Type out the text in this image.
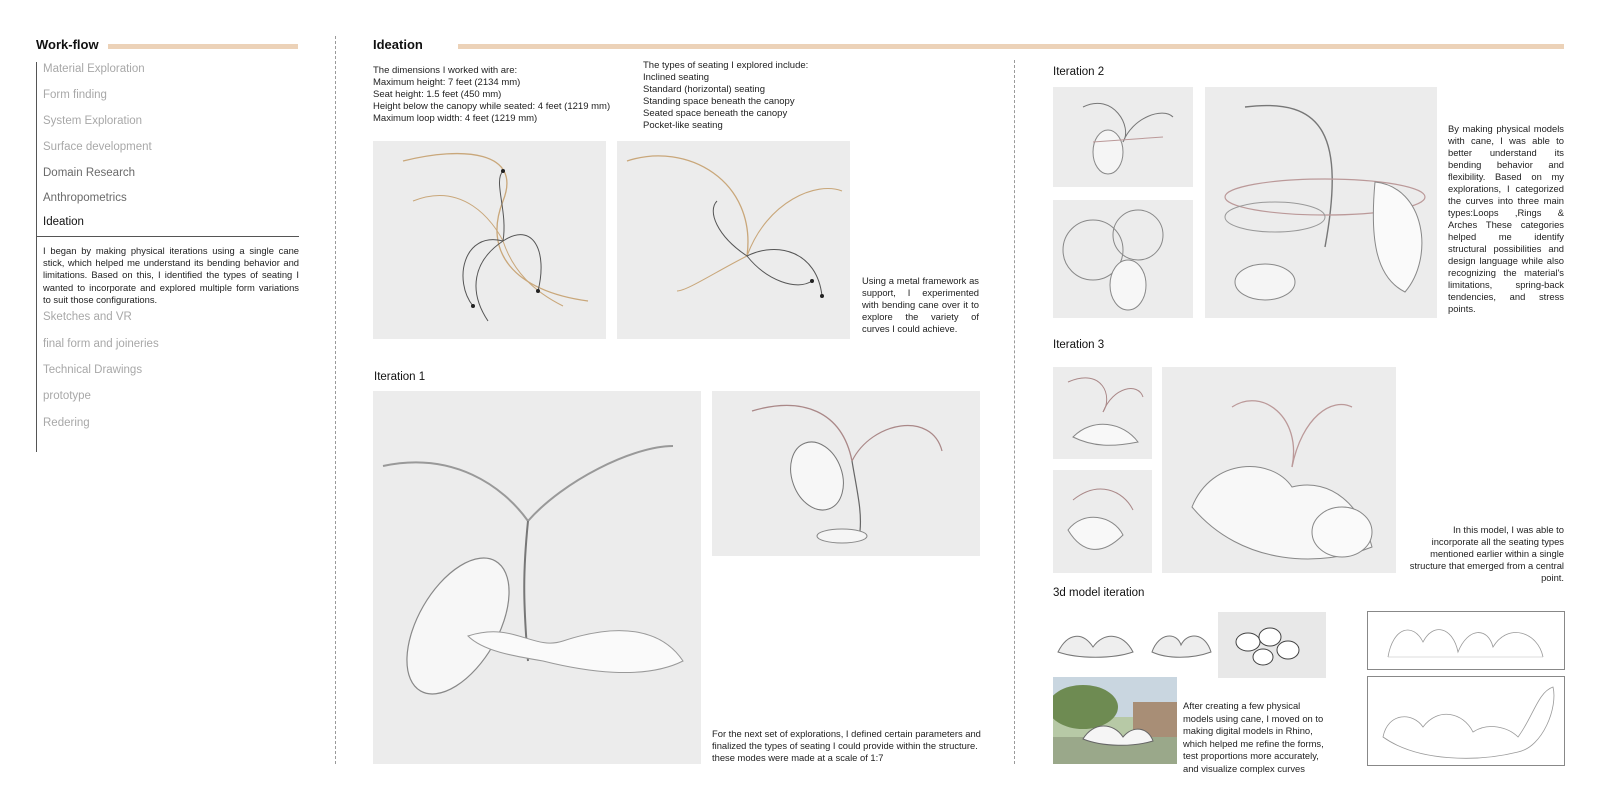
Work-flow
Material Exploration
Form finding
System Exploration
Surface development
Domain Research
Anthropometrics
Ideation
I began by making physical iterations using a single cane stick, which helped me understand its bending behavior and limitations. Based on this, I identified the types of seating I wanted to incorporate and explored multiple form variations to suit those configurations.
Sketches and VR
final form and joineries
Technical Drawings
prototype
Redering
Ideation
The dimensions I worked with are:
Maximum height: 7 feet (2134 mm)
Seat height: 1.5 feet (450 mm)
Height below the canopy while seated: 4 feet (1219 mm)
Maximum loop width: 4 feet (1219 mm)
The types of seating I explored include:
Inclined seating
Standard (horizontal) seating
Standing space beneath the canopy
Seated space beneath the canopy
Pocket-like seating
Using a metal framework as support, I experimented with bending cane over it to explore the variety of curves I could achieve.
Iteration 1
For the next set of explorations, I defined certain parameters and finalized the types of seating I could provide within the structure. these modes were made at a scale of 1:7
Iteration 2
By making physical models with cane, I was able to better understand its bending behavior and flexibility. Based on my explorations, I categorized the curves into three main types:Loops ,Rings & Arches These categories helped me identify structural possibilities and design language while also recognizing the material's limitations, spring-back tendencies, and stress points.
Iteration 3
In this model, I was able to incorporate all the seating types mentioned earlier within a single structure that emerged from a central point.
3d model iteration
After creating a few physical models using cane, I moved on to making digital models in Rhino, which helped me refine the forms, test proportions more accurately, and visualize complex curves
